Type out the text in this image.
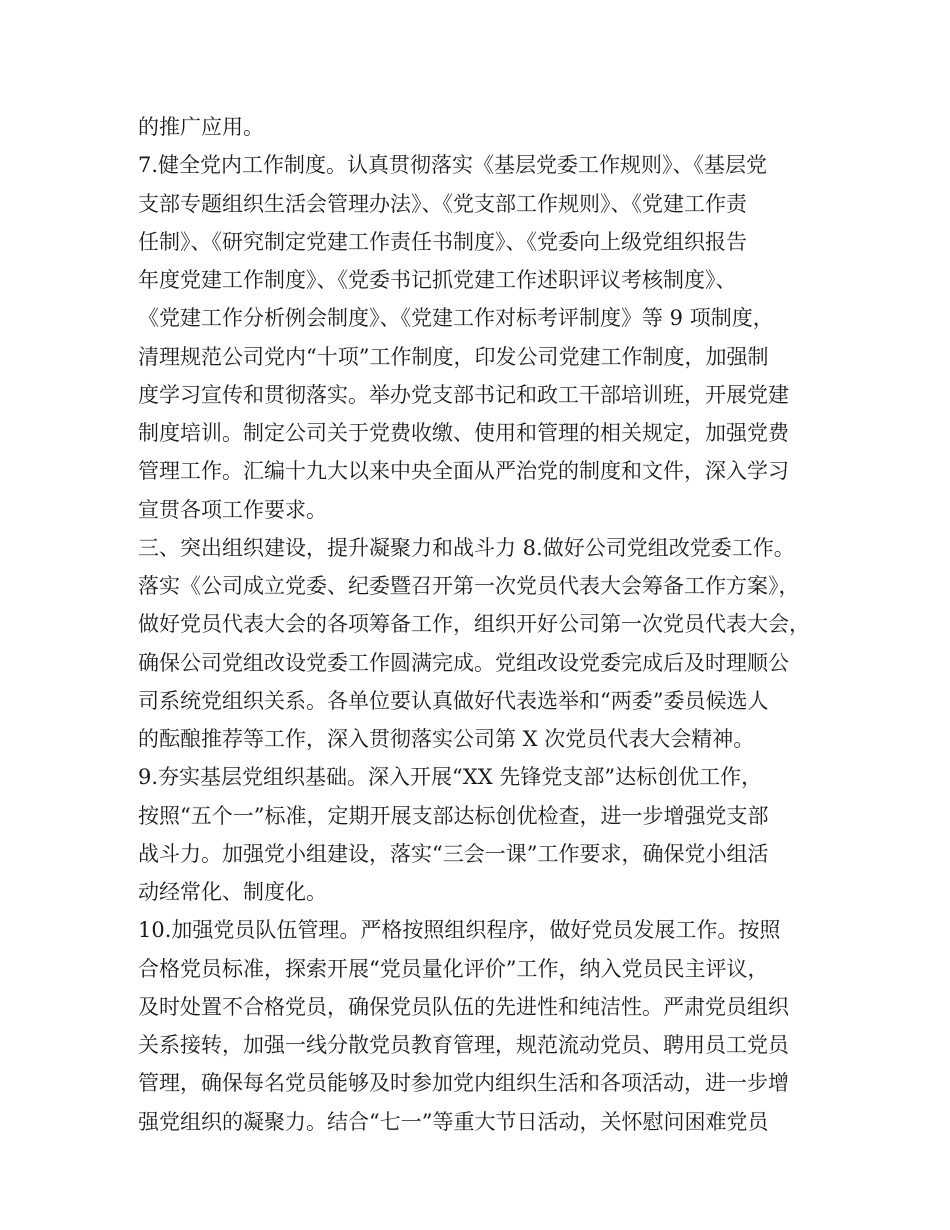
的推广应用。
7.健全党内工作制度。认真贯彻落实《基层党委工作规则》、《基层党
支部专题组织生活会管理办法》、《党支部工作规则》、《党建工作责
任制》、《研究制定党建工作责任书制度》、《党委向上级党组织报告
年度党建工作制度》、《党委书记抓党建工作述职评议考核制度》、
《党建工作分析例会制度》、《党建工作对标考评制度》等 9 项制度，
清理规范公司党内“十项”工作制度，印发公司党建工作制度，加强制
度学习宣传和贯彻落实。举办党支部书记和政工干部培训班，开展党建
制度培训。制定公司关于党费收缴、使用和管理的相关规定，加强党费
管理工作。汇编十九大以来中央全面从严治党的制度和文件，深入学习
宣贯各项工作要求。
三、突出组织建设，提升凝聚力和战斗力 8.做好公司党组改党委工作。
落实《公司成立党委、纪委暨召开第一次党员代表大会筹备工作方案》，
做好党员代表大会的各项筹备工作，组织开好公司第一次党员代表大会，
确保公司党组改设党委工作圆满完成。党组改设党委完成后及时理顺公
司系统党组织关系。各单位要认真做好代表选举和“两委”委员候选人
的酝酿推荐等工作，深入贯彻落实公司第 X 次党员代表大会精神。
9.夯实基层党组织基础。深入开展“XX 先锋党支部”达标创优工作，
按照“五个一”标准，定期开展支部达标创优检查，进一步增强党支部
战斗力。加强党小组建设，落实“三会一课”工作要求，确保党小组活
动经常化、制度化。
10.加强党员队伍管理。严格按照组织程序，做好党员发展工作。按照
合格党员标准，探索开展“党员量化评价”工作，纳入党员民主评议，
及时处置不合格党员，确保党员队伍的先进性和纯洁性。严肃党员组织
关系接转，加强一线分散党员教育管理，规范流动党员、聘用员工党员
管理，确保每名党员能够及时参加党内组织生活和各项活动，进一步增
强党组织的凝聚力。结合“七一”等重大节日活动，关怀慰问困难党员
